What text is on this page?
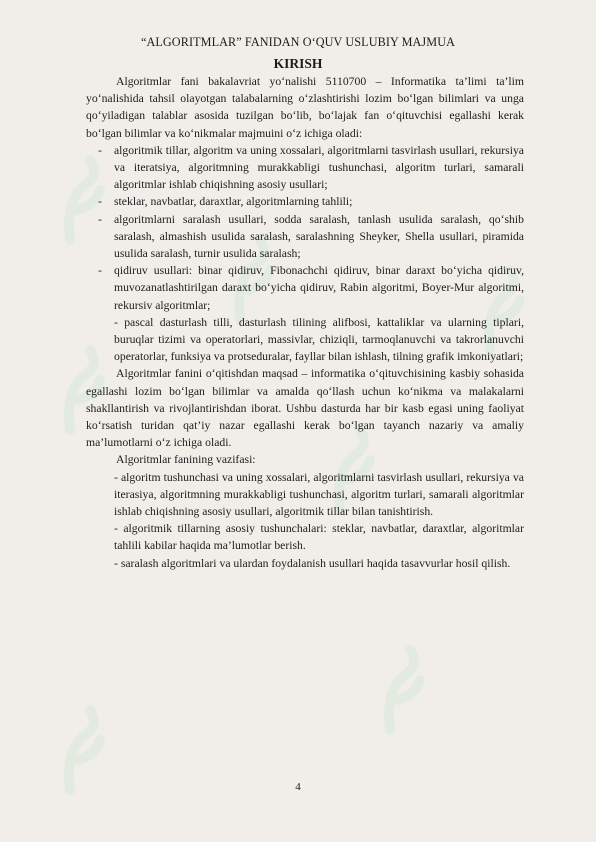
“ALGORITMLAR” FANIDAN O‘QUV USLUBIY MAJMUA
KIRISH

Algoritmlar fani bakalavriat yo‘nalishi 5110700 – Informatika ta’limi ta’lim yo‘nalishida tahsil olayotgan talabalarning o‘zlashtirishi lozim bo‘lgan bilimlari va unga qo‘yiladigan talablar asosida tuzilgan bo‘lib, bo‘lajak fan o‘qituvchisi egallashi kerak bo‘lgan bilimlar va ko‘nikmalar majmuini o‘z ichiga oladi:

- algoritmik tillar, algoritm va uning xossalari, algoritmlarni tasvirlash usullari, rekursiya va iteratsiya, algoritmning murakkabligi tushunchasi, algoritm turlari, samarali algoritmlar ishlab chiqishning asosiy usullari;
- steklar, navbatlar, daraxtlar, algoritmlarning tahlili;
- algoritmlarni saralash usullari, sodda saralash, tanlash usulida saralash, qo‘shib saralash, almashish usulida saralash, saralashning Sheyker, Shella usullari, piramida usulida saralash, turnir usulida saralash;
- qidiruv usullari: binar qidiruv, Fibonachchi qidiruv, binar daraxt bo‘yicha qidiruv, muvozanatlashtirilgan daraxt bo‘yicha qidiruv, Rabin algoritmi, Boyer-Mur algoritmi, rekursiv algoritmlar;

- pascal dasturlash tilli, dasturlash tilining alifbosi, kattaliklar va ularning tiplari, buruqlar tizimi va operatorlari, massivlar, chiziqli, tarmoqlanuvchi va takrorlanuvchi operatorlar, funksiya va protseduralar, fayllar bilan ishlash, tilning grafik imkoniyatlari;

Algoritmlar fanini o‘qitishdan maqsad – informatika o‘qituvchisining kasbiy sohasida egallashi lozim bo‘lgan bilimlar va amalda qo‘llash uchun ko‘nikma va malakalarni shakllantirish va rivojlantirishdan iborat. Ushbu dasturda har bir kasb egasi uning faoliyat ko‘rsatish turidan qat’iy nazar egallashi kerak bo‘lgan tayanch nazariy va amaliy ma’lumotlarni o‘z ichiga oladi.

Algoritmlar fanining vazifasi:

- algoritm tushunchasi va uning xossalari, algoritmlarni tasvirlash usullari, rekursiya va iterasiya, algoritmning murakkabligi tushunchasi, algoritm turlari, samarali algoritmlar ishlab chiqishning asosiy usullari, algoritmik tillar bilan tanishtirish.

- algoritmik tillarning asosiy tushunchalari: steklar, navbatlar, daraxtlar, algoritmlar tahlili kabilar haqida ma’lumotlar berish.

- saralash algoritmlari va ulardan foydalanish usullari haqida tasavvurlar hosil qilish.

4
